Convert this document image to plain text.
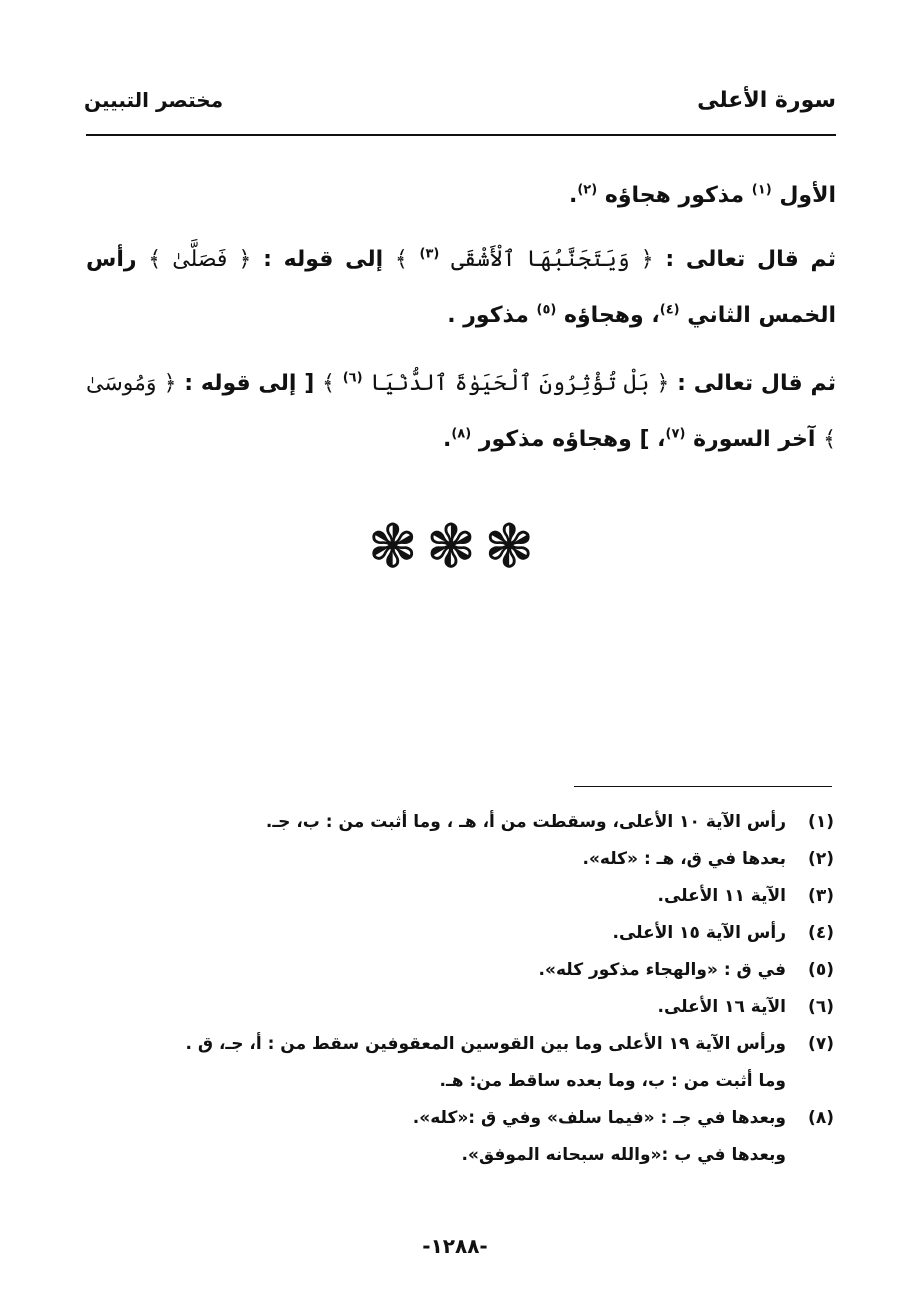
سورة الأعلى
مختصر التبيين

الأول $^{(١)}$ مذكور هجاؤه $^{(٢)}$.

ثم قال تعالى : ﴿ وَيَتَجَنَّبُهَا ٱلْأَشْقَى $^{(٣)}$ ﴾ إلى قوله : ﴿ فَصَلَّىٰ ﴾ رأس الخمس الثاني $^{(٤)}$، وهجاؤه $^{(٥)}$ مذكور .

ثم قال تعالى : ﴿ بَلْ تُؤْثِرُونَ ٱلْحَيَوٰةَ ٱلدُّنْيَا $^{(٦)}$ ﴾ [ إلى قوله : ﴿ وَمُوسَىٰ ﴾ آخر السورة $^{(٧)}$، ] وهجاؤه مذكور $^{(٨)}$.

❃❃❃
(١)رأس الآية ١٠ الأعلى، وسقطت من أ، هـ ، وما أثبت من : ب، جـ.
(٢)بعدها في ق، هـ : «كله».
(٣)الآية ١١ الأعلى.
(٤)رأس الآية ١٥ الأعلى.
(٥)في ق : «والهجاء مذكور كله».
(٦)الآية ١٦ الأعلى.
(٧)ورأس الآية ١٩ الأعلى وما بين القوسين المعقوفين سقط من : أ، جـ، ق .
وما أثبت من : ب، وما بعده ساقط من: هـ.
(٨)وبعدها في جـ : «فيما سلف» وفي ق :«كله».
وبعدها في ب :«والله سبحانه الموفق».
-١٢٨٨-
